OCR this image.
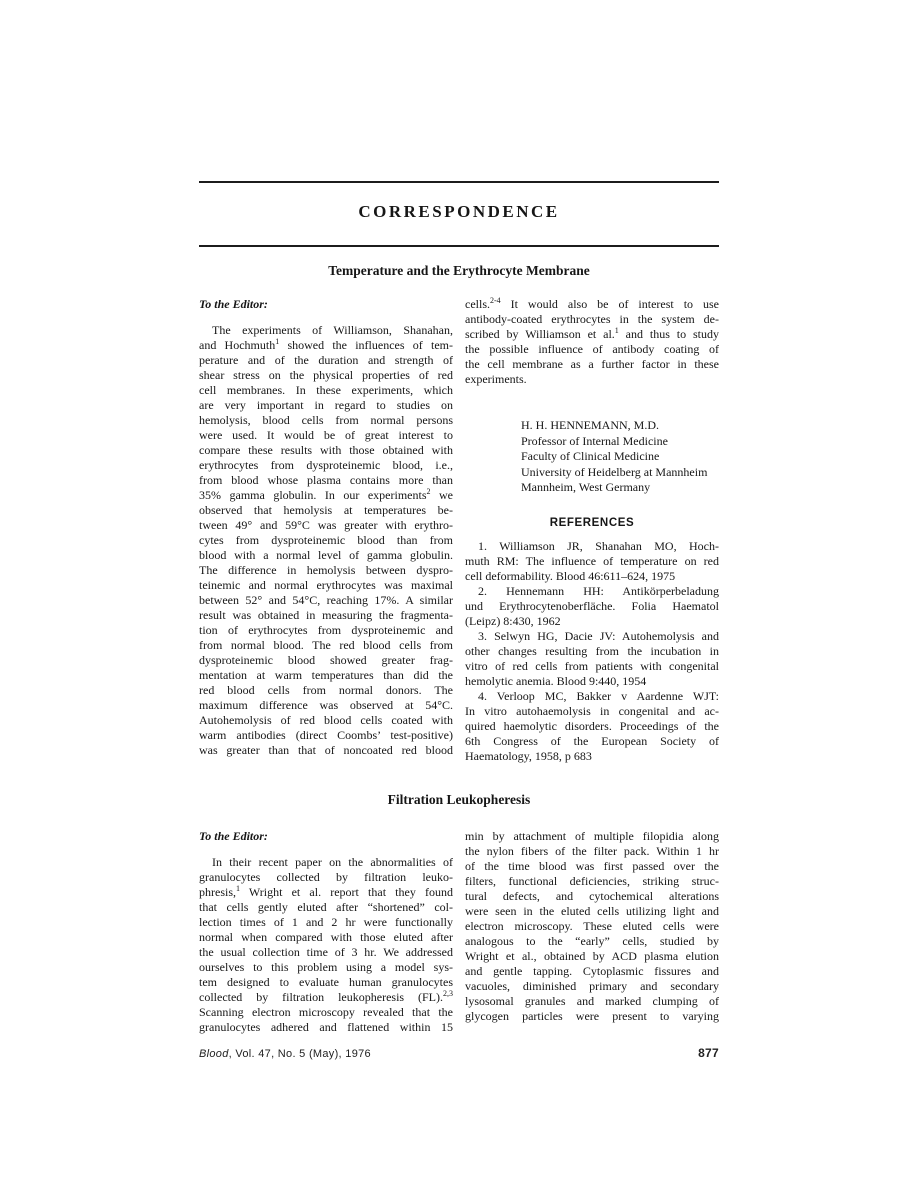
CORRESPONDENCE
Temperature and the Erythrocyte Membrane
To the Editor:
The experiments of Williamson, Shanahan,
and Hochmuth$^1$ showed the influences of tem-
perature and of the duration and strength of
shear stress on the physical properties of red
cell membranes. In these experiments, which
are very important in regard to studies on
hemolysis, blood cells from normal persons
were used. It would be of great interest to
compare these results with those obtained with
erythrocytes from dysproteinemic blood, i.e.,
from blood whose plasma contains more than
35% gamma globulin. In our experiments$^2$ we
observed that hemolysis at temperatures be-
tween 49° and 59°C was greater with erythro-
cytes from dysproteinemic blood than from
blood with a normal level of gamma globulin.
The difference in hemolysis between dyspro-
teinemic and normal erythrocytes was maximal
between 52° and 54°C, reaching 17%. A similar
result was obtained in measuring the fragmenta-
tion of erythrocytes from dysproteinemic and
from normal blood. The red blood cells from
dysproteinemic blood showed greater frag-
mentation at warm temperatures than did the
red blood cells from normal donors. The
maximum difference was observed at 54°C.
Autohemolysis of red blood cells coated with
warm antibodies (direct Coombs’ test-positive)
was greater than that of noncoated red blood
cells.$^{2-4}$ It would also be of interest to use
antibody-coated erythrocytes in the system de-
scribed by Williamson et al.$^1$ and thus to study
the possible influence of antibody coating of
the cell membrane as a further factor in these
experiments.
H. H. HENNEMANN, M.D.
Professor of Internal Medicine
Faculty of Clinical Medicine
University of Heidelberg at Mannheim
Mannheim, West Germany
REFERENCES
1. Williamson JR, Shanahan MO, Hoch-
muth RM: The influence of temperature on red
cell deformability. Blood 46:611–624, 1975
2. Hennemann HH: Antikörperbeladung
und Erythrocytenoberfläche. Folia Haematol
(Leipz) 8:430, 1962
3. Selwyn HG, Dacie JV: Autohemolysis and
other changes resulting from the incubation in
vitro of red cells from patients with congenital
hemolytic anemia. Blood 9:440, 1954
4. Verloop MC, Bakker v Aardenne WJT:
In vitro autohaemolysis in congenital and ac-
quired haemolytic disorders. Proceedings of the
6th Congress of the European Society of
Haematology, 1958, p 683
Filtration Leukopheresis
To the Editor:
In their recent paper on the abnormalities of
granulocytes collected by filtration leuko-
phresis,$^1$ Wright et al. report that they found
that cells gently eluted after “shortened” col-
lection times of 1 and 2 hr were functionally
normal when compared with those eluted after
the usual collection time of 3 hr. We addressed
ourselves to this problem using a model sys-
tem designed to evaluate human granulocytes
collected by filtration leukopheresis (FL).$^{2,3}$
Scanning electron microscopy revealed that the
granulocytes adhered and flattened within 15
min by attachment of multiple filopidia along
the nylon fibers of the filter pack. Within 1 hr
of the time blood was first passed over the
filters, functional deficiencies, striking struc-
tural defects, and cytochemical alterations
were seen in the eluted cells utilizing light and
electron microscopy. These eluted cells were
analogous to the “early” cells, studied by
Wright et al., obtained by ACD plasma elution
and gentle tapping. Cytoplasmic fissures and
vacuoles, diminished primary and secondary
lysosomal granules and marked clumping of
glycogen particles were present to varying
Blood, Vol. 47, No. 5 (May), 1976	877
